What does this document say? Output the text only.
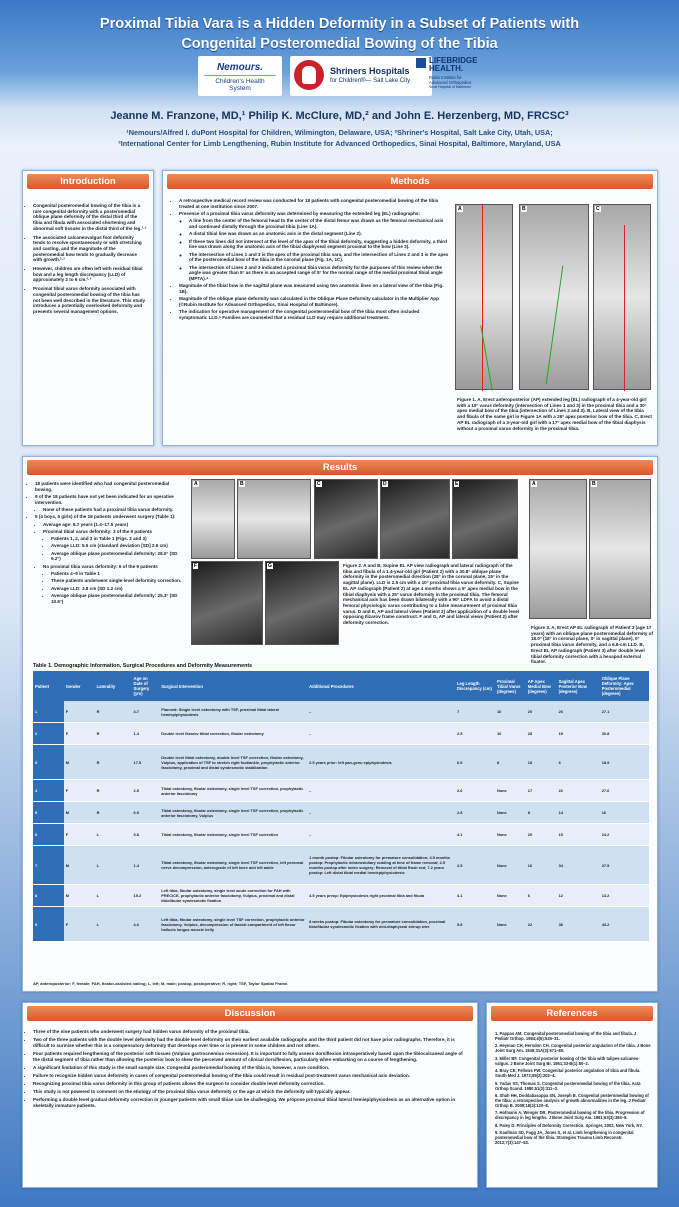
Proximal Tibia Vara is a Hidden Deformity in a Subset of Patients with
Congenital Posteromedial Bowing of the Tibia
Nemours.
Children's Health System
Shriners Hospitals
for Children®— Salt Lake City
LIFEBRIDGE HEALTH.
Rubin Institute for
Advanced Orthopedics
Sinai Hospital of Baltimore
Jeanne M. Franzone, MD,¹ Philip K. McClure, MD,² and John E. Herzenberg, MD, FRCSC³
¹Nemours/Alfred I. duPont Hospital for Children, Wilmington, Delaware, USA; ²Shriner's Hospital, Salt Lake City, Utah, USA;
³International Center for Limb Lengthening, Rubin Institute for Advanced Orthopedics, Sinai Hospital, Baltimore, Maryland, USA
Introduction
• Congenital posteromedial bowing of the tibia is a rare congenital deformity with a posteromedial oblique plane deformity of the distal third of the tibia and fibula with associated shortening and abnormal soft tissues in the distal third of the leg.¹·²
• The associated calcaneovalgus foot deformity tends to resolve spontaneously or with stretching and casting, and the magnitude of the posteromedial bow tends to gradually decrease with growth.²·³
• However, children are often left with residual tibial bow and a leg length discrepancy (LLD) of approximately 2 to 6 cm.²·³
• Proximal tibial varus deformity associated with congenital posteromedial bowing of the tibia has not been well described in the literature. This study introduces a potentially overlooked deformity and presents several management options.
Methods
• A retrospective medical record review was conducted for 18 patients with congenital posteromedial bowing of the tibia treated at one institution since 2007.
• Presence of a proximal tibia varus deformity was determined by measuring the extended leg (EL) radiographs:
◦ A line from the center of the femoral head to the center of the distal femur was drawn as the femoral mechanical axis and continued distally through the proximal tibia (Line 1A).
◦ A distal tibial line was drawn as an anatomic axis in the distal segment (Line 2).
◦ If these two lines did not intersect at the level of the apex of the tibial deformity, suggesting a hidden deformity, a third line was drawn along the anatomic axis of the tibial diaphyseal segment proximal to the bow (Line 3).
◦ The intersection of Lines 1 and 3 is the apex of the proximal tibia vara, and the intersection of Lines 2 and 3 is the apex of the posteromedial bow of the tibia in the coronal plane (Fig. 1A, 1C).
◦ The intersection of Lines 2 and 3 indicated a proximal tibia varus deformity for the purposes of this review when the angle was greater than 5° as there is an accepted range of 5° for the normal range of the medial proximal tibial angle (MPTA).⁴
• Magnitude of the tibial bow in the sagittal plane was measured using two anatomic lines on a lateral view of the tibia (Fig. 1B).
• Magnitude of the oblique plane deformity was calculated in the Oblique Plane Deformity calculator in the Multiplier App (©Rubin Institute for Advanced Orthopedics, Sinai Hospital of Baltimore).
• The indication for operative management of the congenital posteromedial bow of the tibia most often included symptomatic LLD.⁵ Families are counseled that a residual LLD may require additional treatment.
A	B	C
Figure 1. A, Erect anteroposterior (AP) extended leg (EL) radiograph of a 4-year-old girl with a 10° varus deformity (intersection of Lines 1 and 3) in the proximal tibia and a 30° apex medial bow of the tibia (intersection of Lines 2 and 3). B, Lateral view of the tibia and fibula of the same girl in Figure 1A with a 26° apex posterior bow of the tibia. C, Erect AP EL radiograph of a 3-year-old girl with a 17° apex medial bow of the tibial diaphysis without a proximal varus deformity in the proximal tibia.
Results
• 18 patients were identified who had congenital posteromedial bowing.
• 9 of the 18 patients have not yet been indicated for an operative intervention.
• None of these patients had a proximal tibia varus deformity.
• 9 (4 boys, 5 girls) of the 18 patients underwent surgery (Table 1):
• Average age: 6.7 years (1.4–17.5 years)
• Proximal tibial varus deformity: 3 of the 9 patients
• Patients 1, 2, and 3 in Table 1 (Figs. 2 and 3)
• Average LLD: 5.5 cm (standard deviation [SD] 2.6 cm)
• Average oblique plane posteromedial deformity: 28.0° (SD 9.2°)
• No proximal tibia varus deformity: 6 of the 9 patients
• Patients 4–9 in Table 1
• These patients underwent single-level deformity correction.
• Average LLD: 3.8 cm (SD 1.2 cm)
• Average oblique plane posteromedial deformity: 25.3° (SD 10.6°)
A	B	C	D	E
F	G	Figure 2. A and B, Supine EL AP view radiograph and lateral radiograph of the tibia and fibula of a 1.4-year-old girl (Patient 2) with a 30.8° oblique plane deformity in the posteromedial direction (28° in the coronal plane, 15° in the sagittal plane). LLD is 2.5 cm with a 10° proximal tibia varus deformity. C, Supine EL AP radiograph (Patient 2) at age 4 months shows a 5° apex medial bow in the tibial diaphysis with a 25° varus deformity in the proximal tibia. The femoral mechanical axis has been drawn bilaterally with a 90° LDFA to avoid a distal femoral physiologic varus contributing to a false measurement of proximal tibia varus. D and E, AP and lateral views (Patient 2) after application of a double level opposing Ilizarov frame construct. F and G, AP and lateral views (Patient 2) after deformity correction.
A	B
Figure 3. A, Erect AP EL radiograph of Patient 3 (age 17 years) with an oblique plane posteromedial deformity of 18.0° (18° in coronal plane, 0° in sagittal plane), 0° proximal tibia varus deformity, and a 6.8-cm LLD. B, Erect EL AP radiograph (Patient 3) after double level tibial deformity correction with a hexapod external fixator.
Table 1. Demographic Information, Surgical Procedures and Deformity Measurements
Patient	Gender	Laterality	Age on Date of Surgery (yrs)	Surgical Intervention	Additional Procedures	Leg Length Discrepancy (cm)	Proximal Tibial Varus (degrees)	AP Apex Medial Bow (degrees)	Sagittal Apex Posterior Bow (degrees)	Oblique Plane Deformity: Apex Posteromedial (degrees)
1	F	R	4.7	Planned: Single level osteotomy with TSF, proximal tibial lateral hemiepiphysiodesis	–	7	10	20	26	27.1
2	F	R	1.4	Double level Ilizarov tibial correction, fibular osteotomy	–	2.5	10	28	15	30.8
3	M	R	17.5	Double level tibial osteotomy, double level TSF correction, fibular osteotomy, Vulpius, application of TSF to stretch right foot/ankle, prophylactic anterior fasciotomy, proximal and distal syndesmotic stabilization	2.5 years prior: left pan-genu epiphysiodesis	6.9	8	18	6	18.9
4	F	R	2.5	Tibial osteotomy, fibular osteotomy, single level TSF correction, prophylactic anterior fasciotomy	–	2.6	None	17	22	27.6
5	M	R	6.5	Tibial osteotomy, fibular osteotomy, single level TSF correction, prophylactic anterior fasciotomy, Vulpius	–	2.8	None	8	14	16
6	F	L	5.8	Tibial osteotomy, fibular osteotomy, single level TSF correction	–	4.1	None	20	15	24.2
7	M	L	1.4	Tibial osteotomy, fibular osteotomy, single level TSF correction, left peroneal nerve decompression, anterograde of left knee and left ankle	1 month postop: Fibular osteotomy for premature consolidation; 4.5 months postop: Prophylactic intramedullary rodding at time of frame removal; 2.5 months postop after index surgery: Removal of tibial Rush rod; 7.2 years postop: Left distal tibial medial hemiepiphysiodesis	2.5	None	16	34	37.5
8	M	L	15.2	Left tibia, fibular osteotomy, single level acute correction for FAH with PRECICE, prophylactic anterior fasciotomy, Vulpius, proximal and distal tibiofibular syndesmotic fixation	4.5 years preop: Epiphysiodesis right proximal tibia and fibula	4.1	None	6	12	13.2
9	F	L	4.0	Left tibia, fibular osteotomy, single level TSF correction, prophylactic anterior fasciotomy, Vulpius, decompression of fascial compartment of left flexor hallucis longus muscle belly	8 weeks postop: Fibular osteotomy for premature consolidation, proximal tibiofibular syndesmotic fixation with mid-diaphyseal stirrup wire	5.8	None	22	36	43.2
AP, anteroposterior; F, female; FAH, fixator-assisted nailing; L, left; M, male; postop, postoperative; R, right; TSF, Taylor Spatial Frame.
Discussion
• Three of the nine patients who underwent surgery had hidden varus deformity of the proximal tibia.
• Two of the three patients with the double level deformity had the double level deformity on their earliest available radiographs and the third patient did not have prior radiographs. Therefore, it is difficult to surmise whether this is a compensatory deformity that develops over time or is present in some children and not others.
• Four patients required lengthening of the posterior soft tissues (Vulpius gastrocnemius recession). It is important to fully assess dorsiflexion intraoperatively based upon the tibiocalcaneal angle of the distal segment of tibia rather than allowing the posterior bow to skew the perceived amount of clinical dorsiflexion, particularly when embarking on a course of lengthening.
• A significant limitation of this study is the small sample size. Congenital posteromedial bowing of the tibia is, however, a rare condition.
• Failure to recognize hidden varus deformity in cases of congenital posteromedial bowing of the tibia could result in residual post-treatment varus mechanical axis deviation.
• Recognizing proximal tibia varus deformity in this group of patients allows the surgeon to consider double level deformity correction.
• This study is not powered to comment on the etiology of the proximal tibia varus deformity or the age at which the deformity will typically appear.
• Performing a double level gradual deformity correction in younger patients with small tibiae can be challenging. We propose proximal tibial lateral hemiepiphysiodesis as an alternative option in skeletally immature patients.
References
1. Pappas AM. Congenital posteromedial bowing of the tibia and fibula. J Pediatr Orthop. 1984;4(5):525–31.
2. Heyman CH, Herndon CH. Congenital posterior angulation of the tibia. J Bone Joint Surg Am. 1949;31A(3):571–80.
3. Miller BF. Congenital posterior bowing of the tibia with talipes-calcaneo-valgus. J Bone Joint Surg Br. 1951;33-B(1):50–2.
4. Bray CE, Fellows FW. Congenital posterior angulation of tibia and fibula. South Med J. 1972;65(2):202–4.
5. Yadav SS, Thomas S. Congenital posteromedial bowing of the tibia. Acta Orthop Scand. 1980;51(2):311–3.
6. Shah HH, Doddabasappa SN, Joseph B. Congenital posteromedial bowing of the tibia: a retrospective analysis of growth abnormalities in the leg. J Pediatr Orthop B. 2009;18(3):120–8.
7. Hofmann A, Wenger DR. Posteromedial bowing of the tibia. Progression of discrepancy in leg lengths. J Bone Joint Surg Am. 1981;63(3):384–8.
8. Paley D. Principles of Deformity Correction. Springer, 2002, New York, NY.
9. Kaufman SD, Fagg JA, Jones S, et al. Limb lengthening in congenital posteromedial bow of the tibia. Strategies Trauma Limb Reconstr. 2012;7(3):147–53.
